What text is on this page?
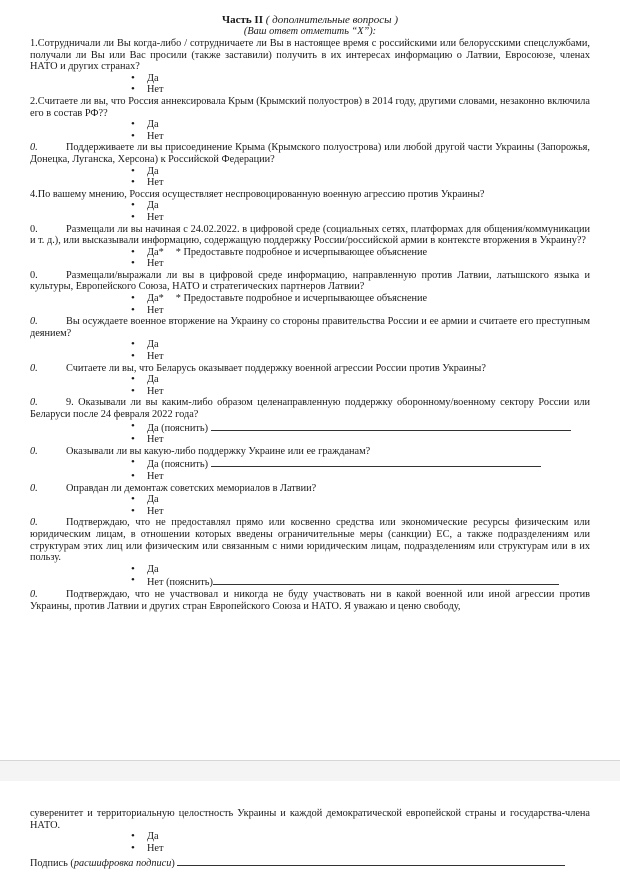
Часть II ( дополнительные вопросы )
(Ваш ответ отметить “X”):

1.Сотрудничали ли Вы когда-либо / сотрудничаете ли Вы в настоящее время с российскими или белорусскими спецслужбами, получали ли Вы или Вас просили (также заставили) получить в их интересах информацию о Латвии, Евросоюзе, членах НАТО и других странах?

• Да
• Нет

2.Считаете ли вы, что Россия аннексировала Крым (Крымский полуостров) в 2014 году, другими словами, незаконно включила его в состав РФ??

• Да
• Нет

0.	Поддерживаете ли вы присоединение Крыма (Крымского полуострова) или любой другой части Украины (Запорожья, Донецка, Луганска, Херсона) к Российской Федерации?

• Да
• Нет

4.По вашему мнению, Россия осуществляет неспровоцированную военную агрессию против Украины?

• Да
• Нет

0.	Размещали ли вы начиная с 24.02.2022. в цифровой среде (социальных сетях, платформах для общения/коммуникации и т. д.), или высказывали информацию, содержащую поддержку России/российской армии в контексте вторжения в Украину??

• Да* * Предоставьте подробное и исчерпывающее объяснение
• Нет

0.	Размещали/выражали ли вы в цифровой среде информацию, направленную против Латвии, латышского языка и культуры, Европейского Союза, НАТО и стратегических партнеров Латвии?

• Да* * Предоставьте подробное и исчерпывающее объяснение
• Нет

0.	Вы осуждаете военное вторжение на Украину со стороны правительства России и ее армии и считаете его преступным деянием?

• Да
• Нет

0.	Считаете ли вы, что Беларусь оказывает поддержку военной агрессии России против Украины?

• Да
• Нет

0.	9. Оказывали ли вы каким-либо образом целенаправленную поддержку оборонному/военному сектору России или Беларуси после 24 февраля 2022 года?

• Да (пояснить)
• Нет

0.	Оказывали ли вы какую-либо поддержку Украине или ее гражданам?

• Да (пояснить)
• Нет

0.	Оправдан ли демонтаж советских мемориалов в Латвии?

• Да
• Нет

0.	Подтверждаю, что не предоставлял прямо или косвенно средства или экономические ресурсы физическим или юридическим лицам, в отношении которых введены ограничительные меры (санкции) ЕС, а также подразделениям или структурам этих лиц или физическим или связанным с ними юридическим лицам, подразделениям или структурам или в их пользу.

• Да
• Нет (пояснить)

0.	Подтверждаю, что не участвовал и никогда не буду участвовать ни в какой военной или иной агрессии против Украины, против Латвии и других стран Европейского Союза и НАТО. Я уважаю и ценю свободу,

суверенитет и территориальную целостность Украины и каждой демократической европейской страны и государства-члена НАТО.

• Да
• Нет
Подпись (расшифровка подписи)
